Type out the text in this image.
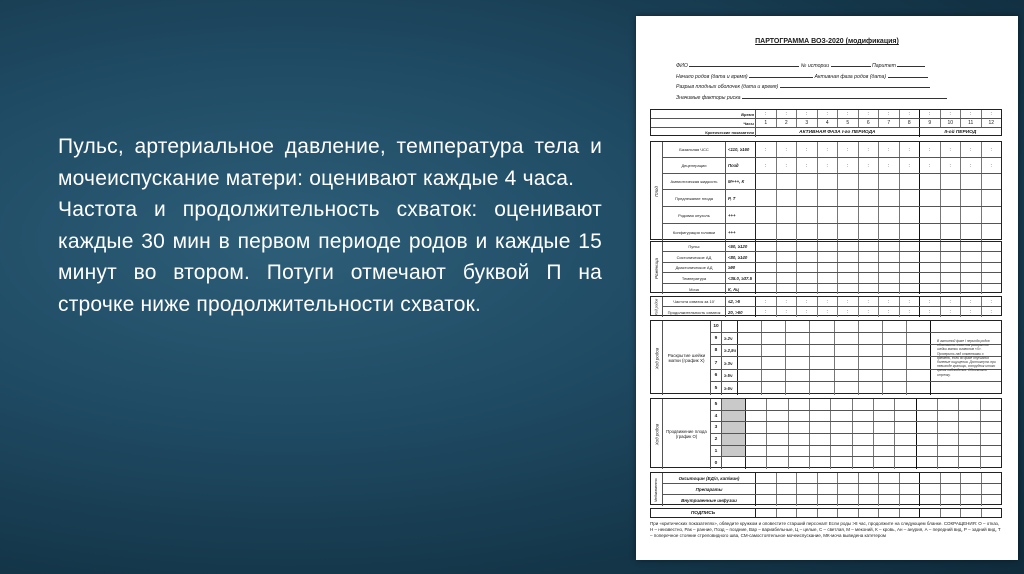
Пульс, артериальное давление, температура тела и мочеиспускание матери: оценивают каждые 4 часа.

Частота и продолжительность схваток: оценивают каждые 30 мин в первом периоде родов и каждые 15 минут во втором. Потуги отмечают буквой П на строчке ниже продолжительности схваток.

ПАРТОГРАММА ВОЗ-2020 (модификация)
ФИО	№ истории	Паритет
Начало родов (дата и время)	Активная фаза родов (дата)
Разрыв плодных оболочек (дата и время)
Значимые факторы риска
Время	:	:	:	:	:	:	:	:	:	:	:	:
Часы	1	2	3	4	5	6	7	8	9	10	11	12
Критические показатели	АКТИВНАЯ ФАЗА I-го ПЕРИОДА	II-ой ПЕРИОД
Плод
Базальная ЧСС	<110, ≥160	:	:	:	:	:	:	:	:	:	:	:	:
Децелерации	Позд	:	:	:	:	:	:	:	:	:	:	:	:
Амниотическая жидкость	М+++, К
Предлежание плода	Р, Т
Родовая опухоль	+++
Конфигурация головки	+++
Роженица
Пульс	<60, ≥120
Систолическое АД	<80, ≥140
Диастолическое АД	≥90
Температура	<35.0, ≥37.5
Моча	К, Ац
Ход родов	Частота схваток за 10'	≤2, >5	:	:	:	:	:	:	:	:	:	:	:	:
Продолжительность схваток	20, >60	:	:	:	:	:	:	:	:	:	:	:	:
Ход родов	Раскрытие шейки матки (график Х)
10
9	≥ 2ч
8	≥ 2,5ч
7	≥ 3ч
6	≥ 5ч
5	≥ 6ч
В активной фазе I периода родов обозначить значения раскрытия шейки матки символом «Х». Проверить над отметками о времени, если во фазе опускания болевые ощущения. Достигнуть при невыходе границы, сотрудник итого время наблюдения. Обозначить стрелку.
Ход родов	Продвижение плода (график О)
5
4
3
2
1
0
Медикаменты	Окситоцин (ЕД/л, кап/мин)
Препараты
Внутривенные инфузии
ПОДПИСЬ
При «критических показателях», обведите кружком и оповестите старший персонал! Если роды >8 час, продолжите на следующем бланке. СОКРАЩЕНИЯ: О – отказ, Н – неизвестно, Рак – ранние, Позд – поздние, Вар – вариабельные, Ц – целые, С – светлая, М – меконий, К – кровь, Ан – анурия, А – передний вид, Р – задний вид, Т – поперечное стояние стреловидного шва, СМ-самостоятельное мочеиспускание, МК-моча выведена катетером
